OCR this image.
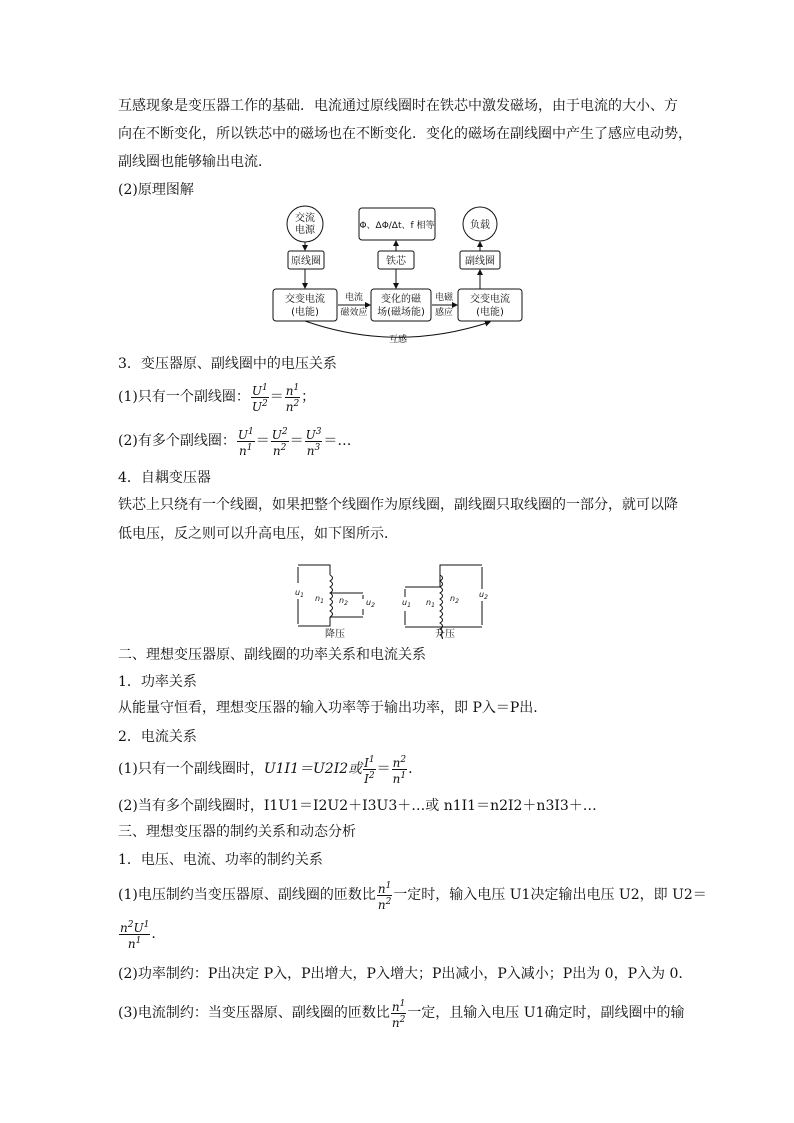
互感现象是变压器工作的基础．电流通过原线圈时在铁芯中激发磁场，由于电流的大小、方
向在不断变化，所以铁芯中的磁场也在不断变化．变化的磁场在副线圈中产生了感应电动势，
副线圈也能够输出电流．
(2)原理图解
交流
电源	Φ、ΔΦ/Δt、f 相等	负载
原线圈	铁芯	副线圈
交变电流
(电能)
变化的磁
场(磁场能)
交变电流
(电能)
电流
磁效应
电磁
感应
互感
3．变压器原、副线圈中的电压关系
(1)只有一个副线圈： $\frac{U^1}{U^2} = \frac{n^1}{n^2}$ ；
(2)有多个副线圈： $\frac{U^1}{n^1} = \frac{U^2}{n^2} = \frac{U^3}{n^3}$ ＝…
4．自耦变压器
铁芯上只绕有一个线圈，如果把整个线圈作为原线圈，副线圈只取线圈的一部分，就可以降
低电压，反之则可以升高电压，如下图所示．
$u_1$ $n_1$ $n_2$ $u_2$	$u_1$ $n_1$
$n_2$
$u_2$
降压	升压
二、理想变压器原、副线圈的功率关系和电流关系
1．功率关系
从能量守恒看，理想变压器的输入功率等于输出功率，即 P入＝P出.
2．电流关系
(1)只有一个副线圈时，U1I1＝U2I2或 $\frac{I^1}{I^2} = \frac{n^2}{n^1}$ .
(2)当有多个副线圈时，I1U1＝I2U2＋I3U3＋…或 n1I1＝n2I2＋n3I3＋…
三、理想变压器的制约关系和动态分析
1．电压、电流、功率的制约关系
(1)电压制约当变压器原、副线圈的匝数比 $\frac{n^1}{n^2}$ 一定时，输入电压 U1决定输出电压 U2，即 U2＝
$\frac{n^2U^1}{n^1}$ .
(2)功率制约：P出决定 P入，P出增大，P入增大；P出减小，P入减小；P出为 0，P入为 0.
(3)电流制约：当变压器原、副线圈的匝数比 $\frac{n^1}{n^2}$ 一定，且输入电压 U1确定时，副线圈中的输
